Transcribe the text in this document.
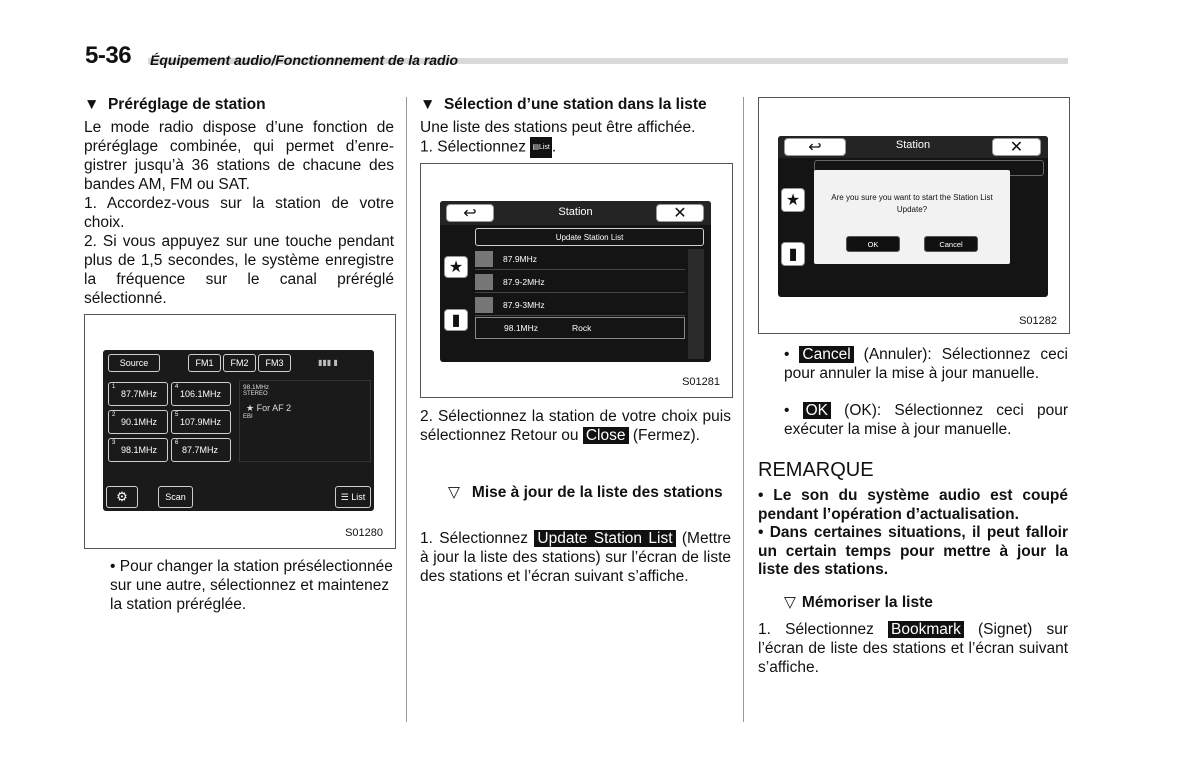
5-36 Équipement audio/Fonctionnement de la radio
▼ Préréglage de station
Le mode radio dispose d’une fonction de préréglage combinée, qui permet d’enregistrer jusqu’à 36 stations de chacune des bandes AM, FM ou SAT.
1. Accordez-vous sur la station de votre choix.
2. Si vous appuyez sur une touche pendant plus de 1,5 secondes, le système enregistre la fréquence sur le canal préréglé sélectionné.
Source	FM1	FM2	FM3	▮▮▮ ▮
1
87.7MHz
4
106.1MHz
2
90.1MHz
5
107.9MHz
3
98.1MHz
6
87.7MHz
98.1MHz
STEREO
★ For AF 2
EBI
⚙	Scan	☰
List
S01280
• Pour changer la station présélectionnée sur une autre, sélectionnez et maintenez la station préréglée.
▼ Sélection d’une station dans la liste
Une liste des stations peut être affichée.
1. Sélectionnez ▤List .
↩	Station	✕
Update Station List
★
▮
87.9MHz
87.9-2MHz
87.9-3MHz
98.1MHz	Rock
S01281
2. Sélectionnez la station de votre choix puis sélectionnez Retour ou Close (Fermez).
▽ Mise à jour de la liste des stations
1. Sélectionnez Update Station List (Mettre à jour la liste des stations) sur l’écran de liste des stations et l’écran suivant s’affiche.
↩	Station	✕
★
▮
Are you sure you want to start the Station List Update?
OK	Cancel
S01282
• Cancel (Annuler): Sélectionnez ceci pour annuler la mise à jour manuelle.
• OK (OK): Sélectionnez ceci pour exécuter la mise à jour manuelle.
REMARQUE
• Le son du système audio est coupé pendant l’opération d’actualisation.
• Dans certaines situations, il peut falloir un certain temps pour mettre à jour la liste des stations.
▽ Mémoriser la liste
1. Sélectionnez Bookmark (Signet) sur l’écran de liste des stations et l’écran suivant s’affiche.
